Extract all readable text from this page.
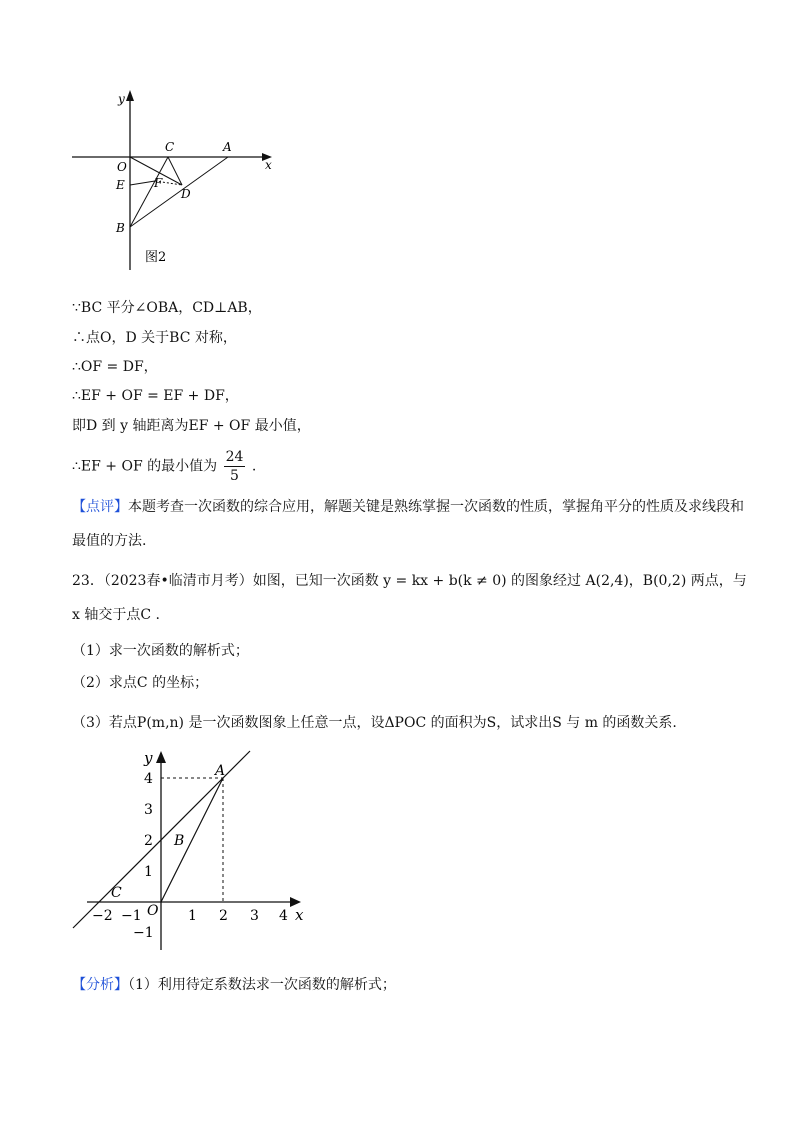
y
x
O
C	A
E F
D
B
图2
∵BC 平分∠OBA，CD⊥AB，
∴点O，D 关于BC 对称，
∴OF = DF，
∴EF + OF = EF + DF，
即D 到 y 轴距离为EF + OF 最小值，
∴EF + OF 的最小值为 $\frac{24}{5}$ .
【点评】本题考查一次函数的综合应用，解题关键是熟练掌握一次函数的性质，掌握角平分的性质及求线段和最值的方法.
23．（2023春•临清市月考）如图，已知一次函数 y = kx + b(k ≠ 0) 的图象经过 A(2,4)，B(0,2) 两点，与 x 轴交于点C .
（1）求一次函数的解析式；
（2）求点C 的坐标；
（3）若点P(m,n) 是一次函数图象上任意一点，设ΔPOC 的面积为S，试求出S 与 m 的函数关系.
y
x
O
A
B
C
−2 −1	1 2 3 4
4
3
2
1
−1
【分析】（1）利用待定系数法求一次函数的解析式；
